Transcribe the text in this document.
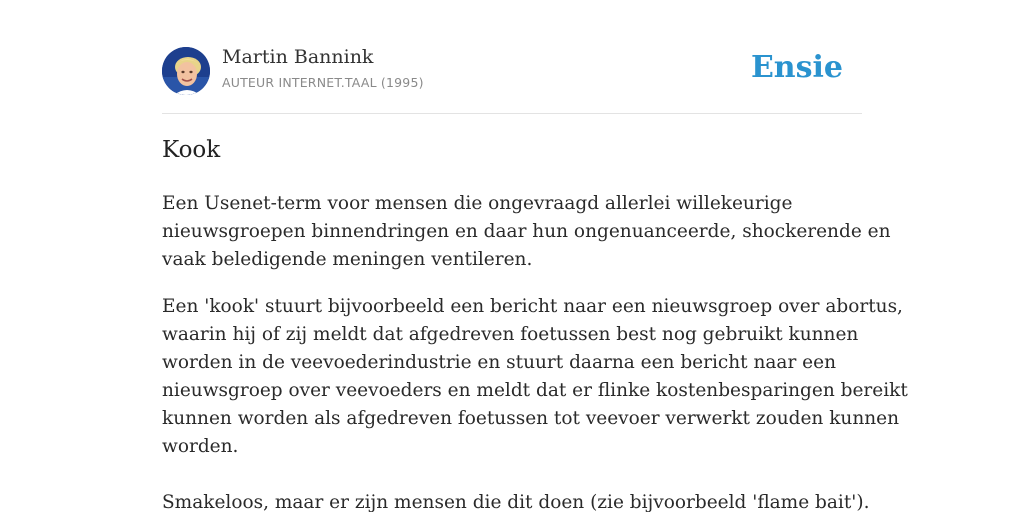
Martin Bannink
AUTEUR INTERNET.TAAL (1995)	Ensie
Kook

Een Usenet-term voor mensen die ongevraagd allerlei willekeurige
nieuwsgroepen binnendringen en daar hun ongenuanceerde, shockerende en
vaak beledigende meningen ventileren.

Een 'kook' stuurt bijvoorbeeld een bericht naar een nieuwsgroep over abortus,
waarin hij of zij meldt dat afgedreven foetussen best nog gebruikt kunnen
worden in de veevoederindustrie en stuurt daarna een bericht naar een
nieuwsgroep over veevoeders en meldt dat er flinke kostenbesparingen bereikt
kunnen worden als afgedreven foetussen tot veevoer verwerkt zouden kunnen
worden.

Smakeloos, maar er zijn mensen die dit doen (zie bijvoorbeeld 'flame bait').
